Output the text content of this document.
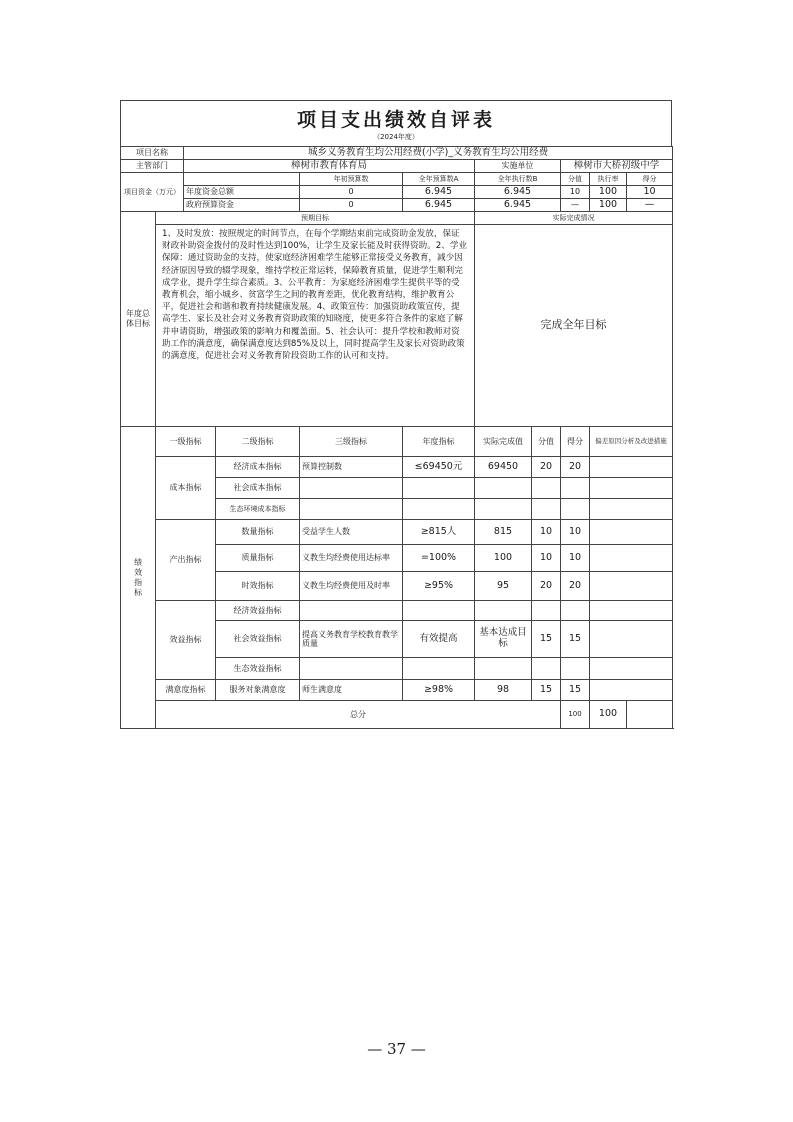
项目支出绩效自评表
（2024年度）
项目名称		城乡义务教育生均公用经费(小学)_义务教育生均公用经费								
主管部门		樟树市教育体育局				实施单位		樟树市大桥初级中学		
项目资金（万元）				年初预算数	全年预算数A	全年执行数B		分值	执行率	得分
		年度资金总额		0	6.945	6.945		10	100	10
		政府预算资金		0	6.945	6.945		—	100	—
年度总体目标	预期目标					实际完成情况				
	1、及时发放：按照规定的时间节点，在每个学期结束前完成资助金发放，保证财政补助资金拨付的及时性达到100%，让学生及家长能及时获得资助。2、学业保障：通过资助金的支持，使家庭经济困难学生能够正常接受义务教育，减少因经济原因导致的辍学现象，维持学校正常运转，保障教育质量，促进学生顺利完成学业，提升学生综合素质。3、公平教育：为家庭经济困难学生提供平等的受教育机会，缩小城乡、贫富学生之间的教育差距，优化教育结构，维护教育公平，促进社会和谐和教育持续健康发展。4、政策宣传：加强资助政策宣传，提高学生、家长及社会对义务教育资助政策的知晓度，使更多符合条件的家庭了解并申请资助，增强政策的影响力和覆盖面。5、社会认可：提升学校和教师对资助工作的满意度，确保满意度达到85%及以上，同时提高学生及家长对资助政策的满意度，促进社会对义务教育阶段资助工作的认可和支持。					完成全年目标				
绩效指标	一级指标		二级指标	三级指标	年度指标	实际完成值	分值	得分	偏差原因分析及改进措施	
	成本指标		经济成本指标	预算控制数	≤69450元	69450	20	20		
			社会成本指标							
			生态环境成本指标							
	产出指标		数量指标	受益学生人数	≥815人	815	10	10		
			质量指标	义教生均经费使用达标率	=100%	100	10	10		
			时效指标	义教生均经费使用及时率	≥95%	95	20	20		
	效益指标		经济效益指标							
			社会效益指标	提高义务教育学校教育教学质量	有效提高	基本达成目标	15	15		
			生态效益指标							
	满意度指标		服务对象满意度	师生满意度	≥98%	98	15	15		
	总分							100	100	
— 37 —
